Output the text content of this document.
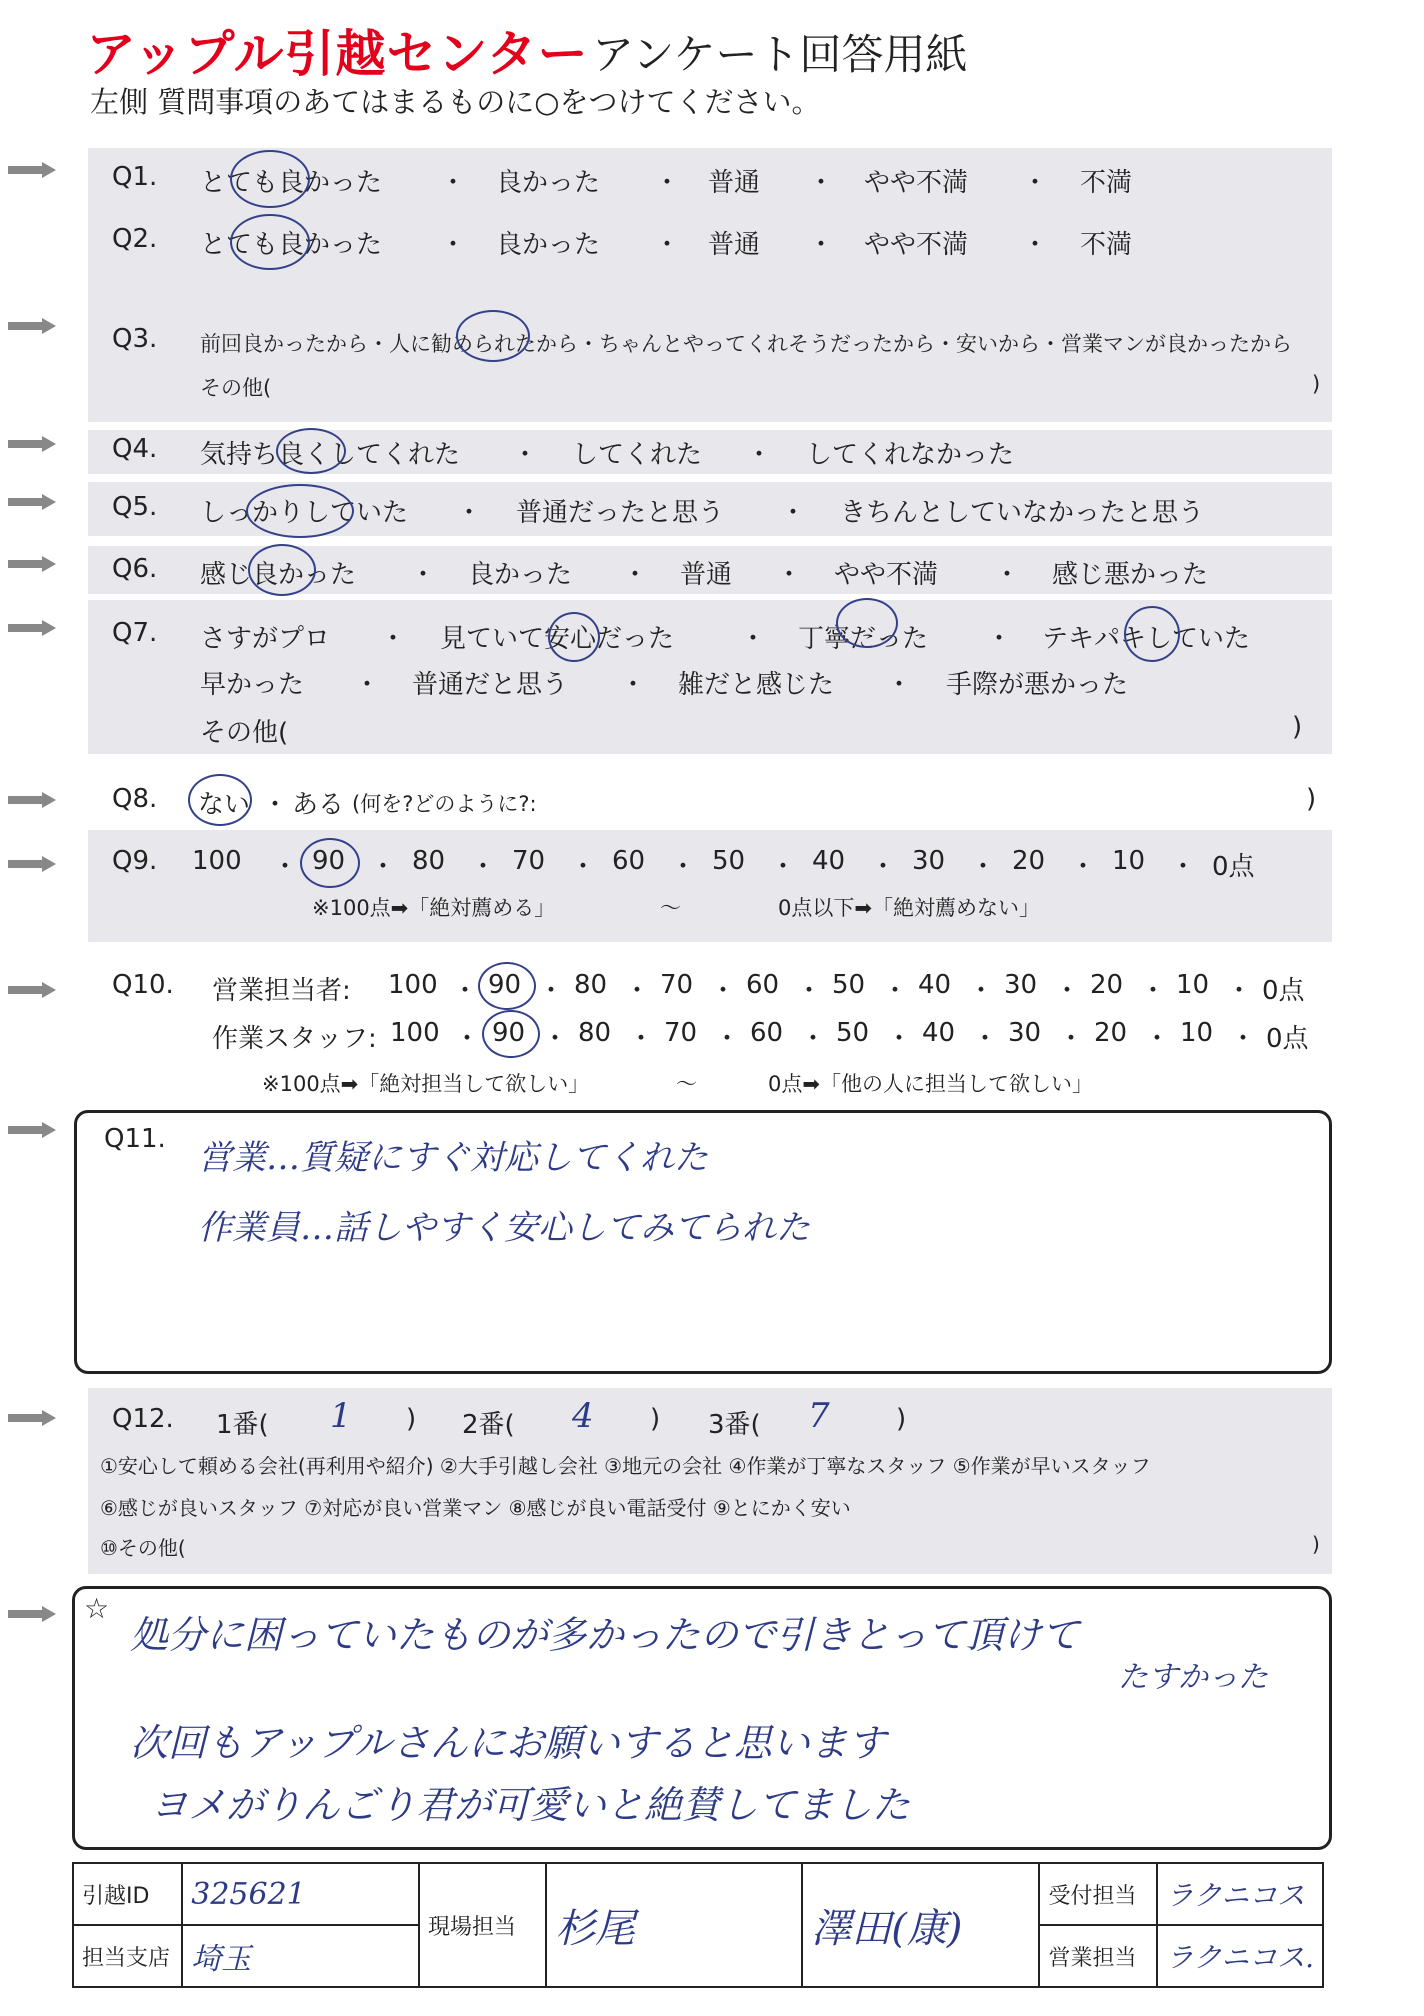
アップル引越センター アンケート回答用紙
左側 質問事項のあてはまるものに○をつけてください。
Q1. とても良かった ・ 良かった ・ 普通 ・ やや不満 ・ 不満
Q2. とても良かった ・ 良かった ・ 普通 ・ やや不満 ・ 不満
Q3. 前回良かったから・人に勧められたから・ちゃんとやってくれそうだったから・安いから・営業マンが良かったから
その他(	)
Q4. 気持ち良くしてくれた ・ してくれた ・ してくれなかった
Q5. しっかりしていた ・ 普通だったと思う ・ きちんとしていなかったと思う
Q6. 感じ良かった ・ 良かった ・ 普通 ・ やや不満 ・ 感じ悪かった
Q7. さすがプロ ・ 見ていて安心だった	・ 丁寧だった ・ テキパキしていた
早かった ・ 普通だと思う ・ 雑だと感じた ・ 手際が悪かった
その他(	)
Q8. ない ・ ある (何を?どのように?:	)
Q9. 100 ・ 90 ・ 80 ・ 70 ・ 60 ・ 50 ・ 40 ・ 30 ・ 20 ・ 10 ・ 0点
※100点➡「絶対薦める」	〜	0点以下➡「絶対薦めない」
Q10. 営業担当者: 100 ・ 90 ・ 80 ・ 70 ・ 60 ・ 50 ・ 40 ・ 30 ・ 20 ・ 10 ・ 0点
作業スタッフ: 100 ・ 90 ・ 80 ・ 70 ・ 60 ・ 50 ・ 40 ・ 30 ・ 20 ・ 10 ・ 0点
※100点➡「絶対担当して欲しい」	〜	0点➡「他の人に担当して欲しい」
Q11. 営業…質疑にすぐ対応してくれた
作業員…話しやすく安心してみてられた
Q12. 1番( 1 ) 2番( 4 ) 3番( 7	)
①安心して頼める会社(再利用や紹介) ②大手引越し会社 ③地元の会社 ④作業が丁寧なスタッフ ⑤作業が早いスタッフ
⑥感じが良いスタッフ ⑦対応が良い営業マン ⑧感じが良い電話受付 ⑨とにかく安い
⑩その他(	)
☆
処分に困っていたものが多かったので引きとって頂けて
たすかった
次回もアップルさんにお願いすると思います
ヨメがりんごり君が可愛いと絶賛してました
引越ID	325621	現場担当	杉尾	澤田(康)	受付担当	ラクニコス
担当支店	埼玉				営業担当	ラクニコス.
